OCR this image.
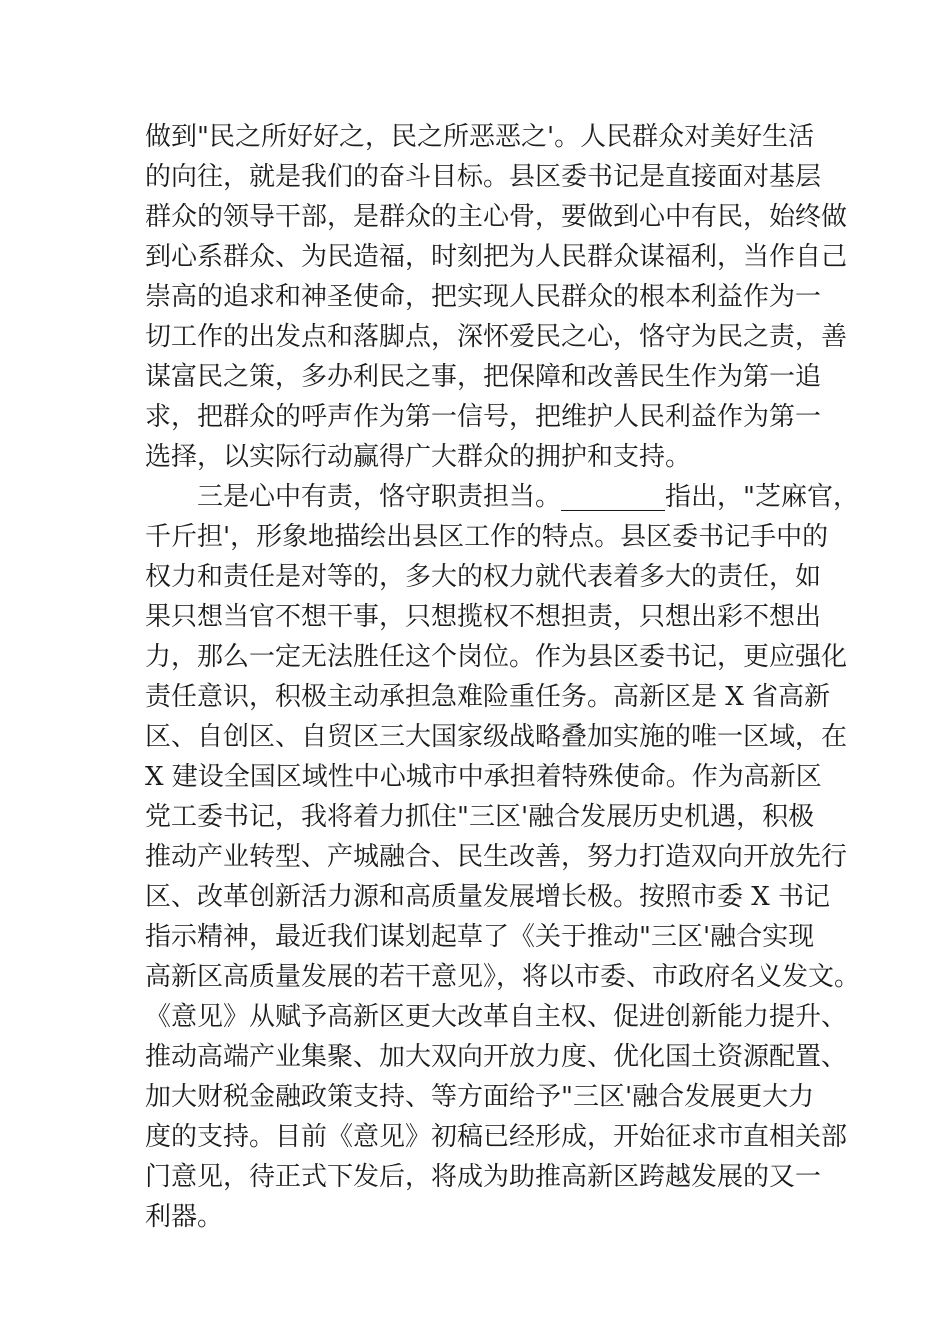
做到"民之所好好之，民之所恶恶之'。人民群众对美好生活
的向往，就是我们的奋斗目标。县区委书记是直接面对基层
群众的领导干部，是群众的主心骨，要做到心中有民，始终做
到心系群众、为民造福，时刻把为人民群众谋福利，当作自己
崇高的追求和神圣使命，把实现人民群众的根本利益作为一
切工作的出发点和落脚点，深怀爱民之心，恪守为民之责，善
谋富民之策，多办利民之事，把保障和改善民生作为第一追
求，把群众的呼声作为第一信号，把维护人民利益作为第一
选择，以实际行动赢得广大群众的拥护和支持。
　　三是心中有责，恪守职责担当。________指出，"芝麻官，
千斤担'，形象地描绘出县区工作的特点。县区委书记手中的
权力和责任是对等的，多大的权力就代表着多大的责任，如
果只想当官不想干事，只想揽权不想担责，只想出彩不想出
力，那么一定无法胜任这个岗位。作为县区委书记，更应强化
责任意识，积极主动承担急难险重任务。高新区是 X 省高新
区、自创区、自贸区三大国家级战略叠加实施的唯一区域，在
X 建设全国区域性中心城市中承担着特殊使命。作为高新区
党工委书记，我将着力抓住"三区'融合发展历史机遇，积极
推动产业转型、产城融合、民生改善，努力打造双向开放先行
区、改革创新活力源和高质量发展增长极。按照市委 X 书记
指示精神，最近我们谋划起草了《关于推动"三区'融合实现
高新区高质量发展的若干意见》，将以市委、市政府名义发文。
《意见》从赋予高新区更大改革自主权、促进创新能力提升、
推动高端产业集聚、加大双向开放力度、优化国土资源配置、
加大财税金融政策支持、等方面给予"三区'融合发展更大力
度的支持。目前《意见》初稿已经形成，开始征求市直相关部
门意见，待正式下发后，将成为助推高新区跨越发展的又一
利器。
